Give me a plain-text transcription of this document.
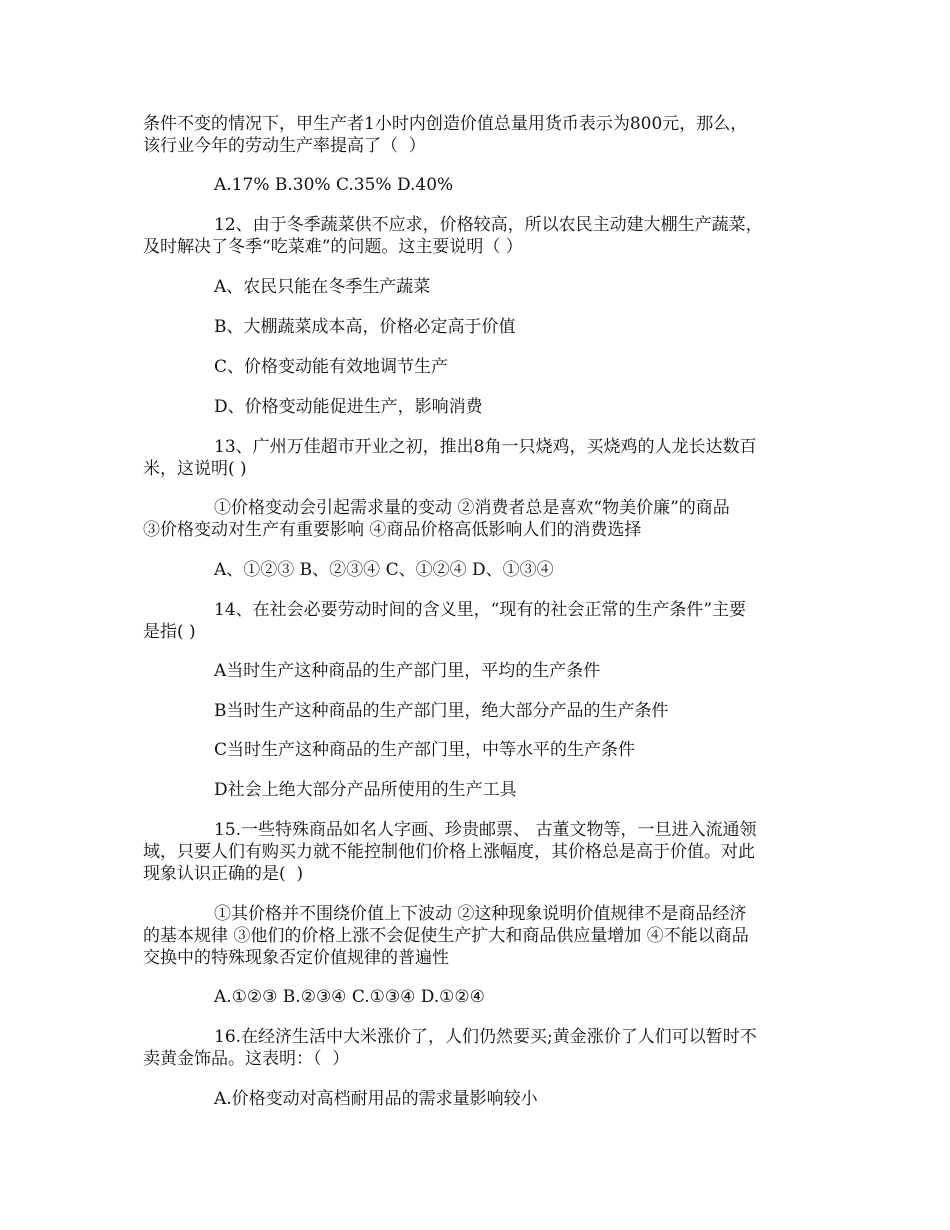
条件不变的情况下，甲生产者1小时内创造价值总量用货币表示为800元，那么，
该行业今年的劳动生产率提高了（  ）
A.17% B.30% C.35% D.40%
12、由于冬季蔬菜供不应求，价格较高，所以农民主动建大棚生产蔬菜，
及时解决了冬季“吃菜难”的问题。这主要说明（ ）
A、农民只能在冬季生产蔬菜
B、大棚蔬菜成本高，价格必定高于价值
C、价格变动能有效地调节生产
D、价格变动能促进生产，影响消费
13、广州万佳超市开业之初，推出8角一只烧鸡，买烧鸡的人龙长达数百
米，这说明( )
①价格变动会引起需求量的变动 ②消费者总是喜欢“物美价廉”的商品
③价格变动对生产有重要影响 ④商品价格高低影响人们的消费选择
A、①②③ B、②③④ C、①②④ D、①③④
14、在社会必要劳动时间的含义里，“现有的社会正常的生产条件”主要
是指( )
A当时生产这种商品的生产部门里，平均的生产条件
B当时生产这种商品的生产部门里，绝大部分产品的生产条件
C当时生产这种商品的生产部门里，中等水平的生产条件
D社会上绝大部分产品所使用的生产工具
15.一些特殊商品如名人字画、珍贵邮票、 古董文物等，一旦进入流通领
域，只要人们有购买力就不能控制他们价格上涨幅度，其价格总是高于价值。对此
现象认识正确的是(  )
①其价格并不围绕价值上下波动 ②这种现象说明价值规律不是商品经济
的基本规律 ③他们的价格上涨不会促使生产扩大和商品供应量增加 ④不能以商品
交换中的特殊现象否定价值规律的普遍性
A.①②③ B.②③④ C.①③④ D.①②④
16.在经济生活中大米涨价了，人们仍然要买;黄金涨价了人们可以暂时不
卖黄金饰品。这表明：（  ）
A.价格变动对高档耐用品的需求量影响较小
